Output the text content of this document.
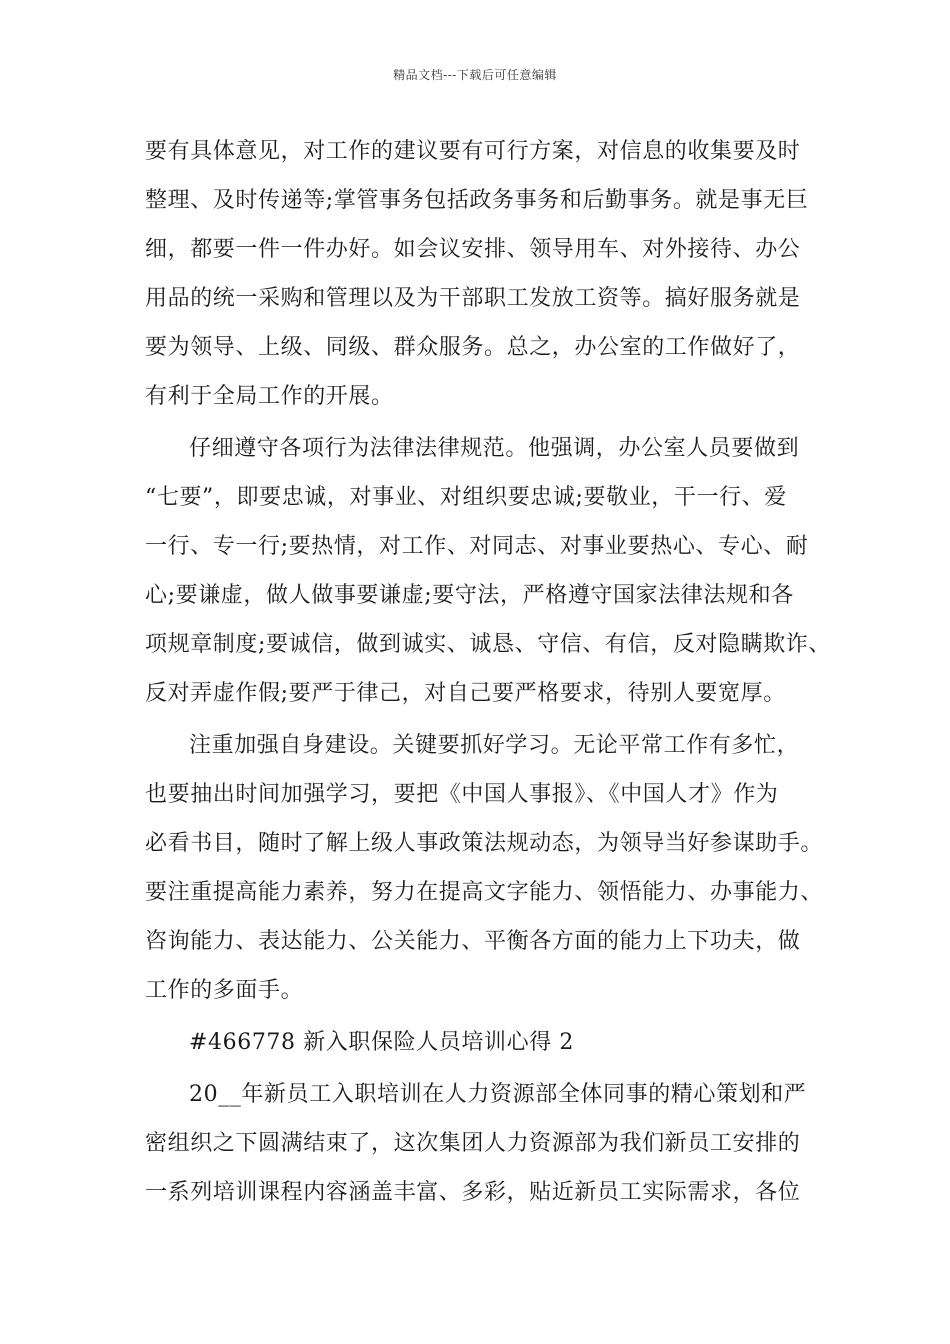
精品文档---下载后可任意编辑
要有具体意见，对工作的建议要有可行方案，对信息的收集要及时
整理、及时传递等;掌管事务包括政务事务和后勤事务。就是事无巨
细，都要一件一件办好。如会议安排、领导用车、对外接待、办公
用品的统一采购和管理以及为干部职工发放工资等。搞好服务就是
要为领导、上级、同级、群众服务。总之，办公室的工作做好了，
有利于全局工作的开展。
仔细遵守各项行为法律法律规范。他强调，办公室人员要做到
“七要”，即要忠诚，对事业、对组织要忠诚;要敬业，干一行、爱
一行、专一行;要热情，对工作、对同志、对事业要热心、专心、耐
心;要谦虚，做人做事要谦虚;要守法，严格遵守国家法律法规和各
项规章制度;要诚信，做到诚实、诚恳、守信、有信，反对隐瞒欺诈、
反对弄虚作假;要严于律己，对自己要严格要求，待别人要宽厚。
注重加强自身建设。关键要抓好学习。无论平常工作有多忙，
也要抽出时间加强学习，要把《中国人事报》、《中国人才》作为
必看书目，随时了解上级人事政策法规动态，为领导当好参谋助手。
要注重提高能力素养，努力在提高文字能力、领悟能力、办事能力、
咨询能力、表达能力、公关能力、平衡各方面的能力上下功夫，做
工作的多面手。
#466778 新入职保险人员培训心得 2
20__年新员工入职培训在人力资源部全体同事的精心策划和严
密组织之下圆满结束了，这次集团人力资源部为我们新员工安排的
一系列培训课程内容涵盖丰富、多彩，贴近新员工实际需求，各位
